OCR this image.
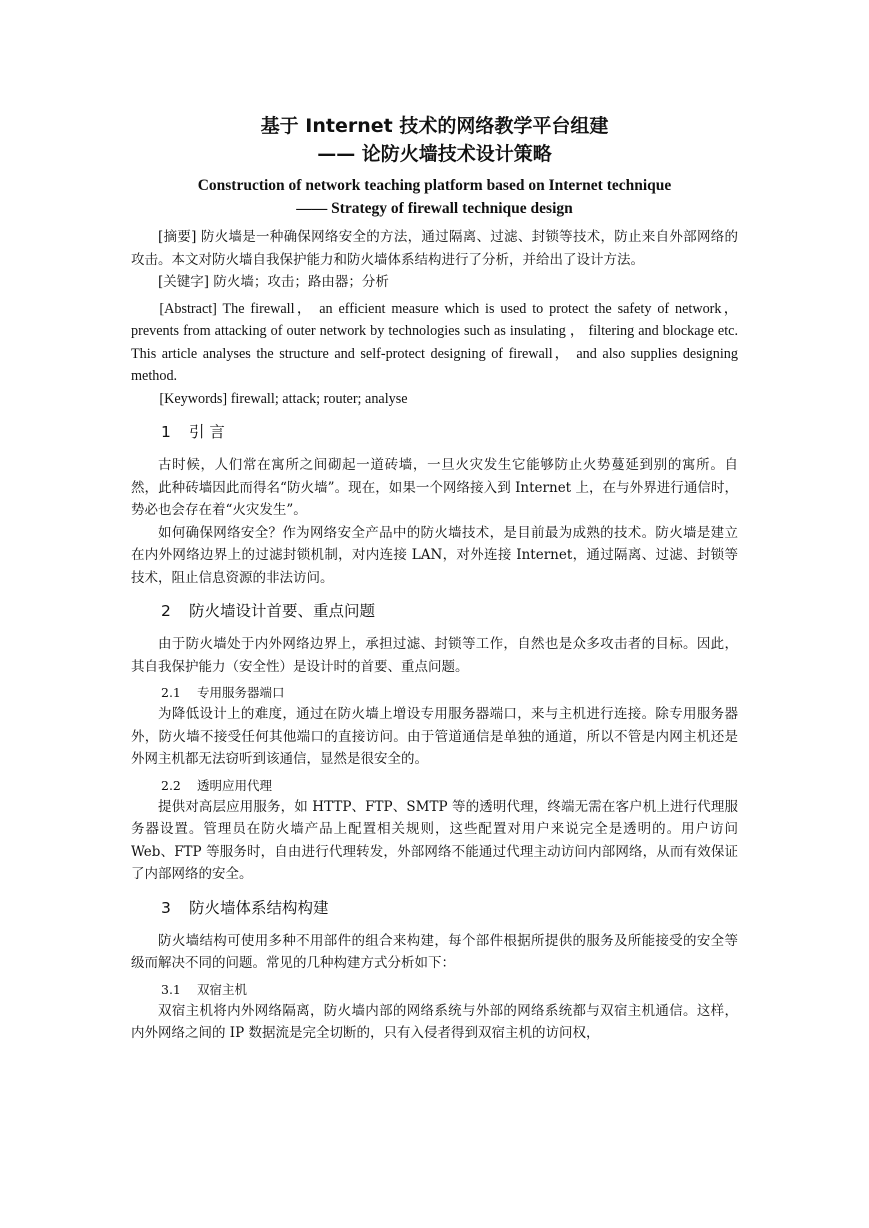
基于 Internet 技术的网络教学平台组建
—— 论防火墙技术设计策略
Construction of network teaching platform based on Internet technique
—— Strategy of firewall technique design

[摘要] 防火墙是一种确保网络安全的方法，通过隔离、过滤、封锁等技术，防止来自外部网络的攻击。本文对防火墙自我保护能力和防火墙体系结构进行了分析，并给出了设计方法。

[关键字] 防火墙；攻击；路由器；分析

[Abstract] The firewall， an efficient measure which is used to protect the safety of network， prevents from attacking of outer network by technologies such as insulating ， filtering and blockage etc. This article analyses the structure and self-protect designing of firewall， and also supplies designing method.

[Keywords] firewall; attack; router; analyse

1 引 言

古时候，人们常在寓所之间砌起一道砖墙，一旦火灾发生它能够防止火势蔓延到别的寓所。自然，此种砖墙因此而得名“防火墙”。现在，如果一个网络接入到 Internet 上，在与外界进行通信时，势必也会存在着“火灾发生”。

如何确保网络安全？作为网络安全产品中的防火墙技术，是目前最为成熟的技术。防火墙是建立在内外网络边界上的过滤封锁机制，对内连接 LAN，对外连接 Internet，通过隔离、过滤、封锁等技术，阻止信息资源的非法访问。

2 防火墙设计首要、重点问题

由于防火墙处于内外网络边界上，承担过滤、封锁等工作，自然也是众多攻击者的目标。因此，其自我保护能力（安全性）是设计时的首要、重点问题。

2.1 专用服务器端口

为降低设计上的难度，通过在防火墙上增设专用服务器端口，来与主机进行连接。除专用服务器外，防火墙不接受任何其他端口的直接访问。由于管道通信是单独的通道，所以不管是内网主机还是外网主机都无法窃听到该通信，显然是很安全的。

2.2 透明应用代理

提供对高层应用服务，如 HTTP、FTP、SMTP 等的透明代理，终端无需在客户机上进行代理服务器设置。管理员在防火墙产品上配置相关规则，这些配置对用户来说完全是透明的。用户访问 Web、FTP 等服务时，自由进行代理转发，外部网络不能通过代理主动访问内部网络，从而有效保证了内部网络的安全。

3 防火墙体系结构构建

防火墙结构可使用多种不用部件的组合来构建，每个部件根据所提供的服务及所能接受的安全等级而解决不同的问题。常见的几种构建方式分析如下：

3.1 双宿主机

双宿主机将内外网络隔离，防火墙内部的网络系统与外部的网络系统都与双宿主机通信。这样，内外网络之间的 IP 数据流是完全切断的，只有入侵者得到双宿主机的访问权，
